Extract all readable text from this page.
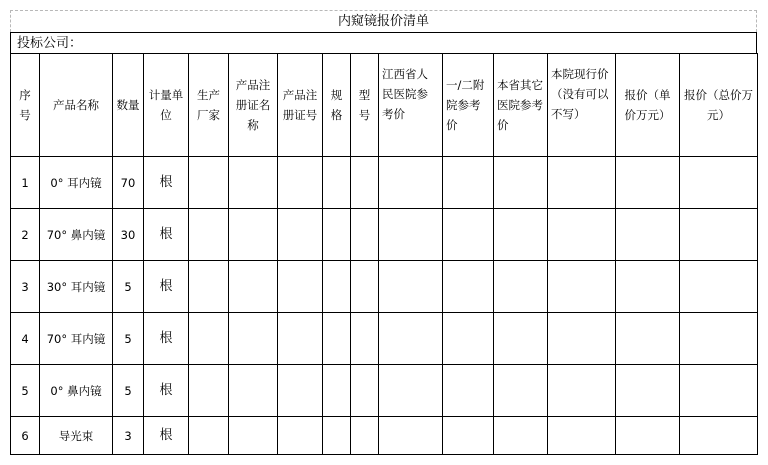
内窥镜报价清单
投标公司：
序号	产品名称	数量	计量单位	生产厂家	产品注册证名称	产品注册证号	规格	型号	江西省人民医院参考价	一/二附院参考价	本省其它医院参考价	本院现行价（没有可以不写）	报价（单价万元）	报价（总价万元）
1	0° 耳内镜	70	根											
2	70° 鼻内镜	30	根											
3	30° 耳内镜	5	根											
4	70° 耳内镜	5	根											
5	0° 鼻内镜	5	根											
6	导光束	3	根											
